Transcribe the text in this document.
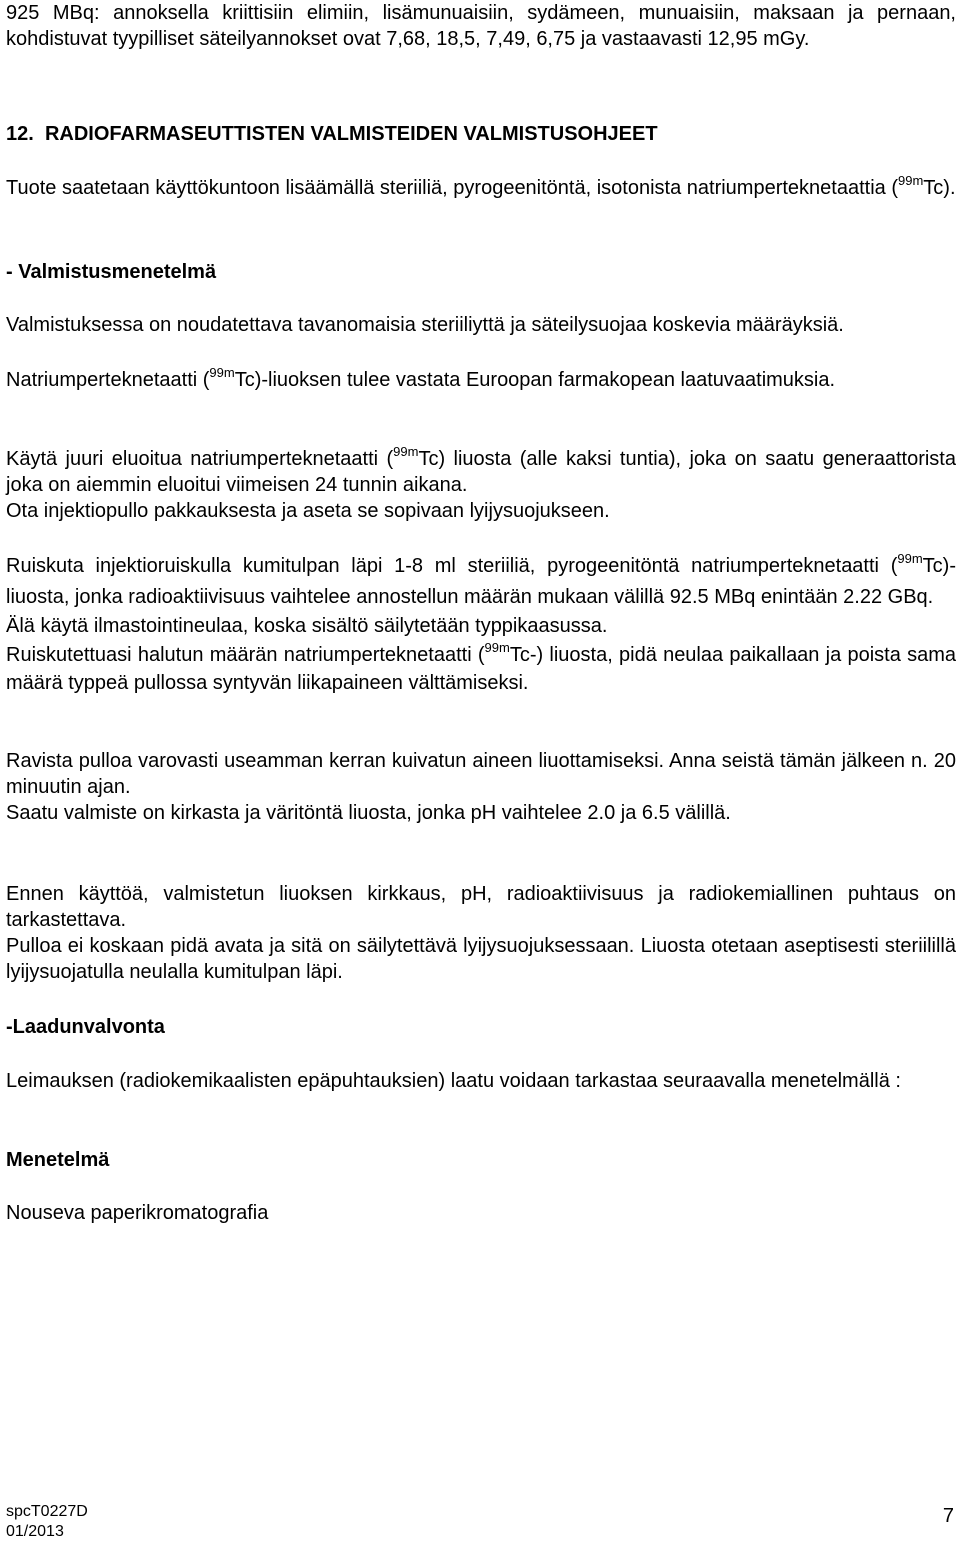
925 MBq: annoksella kriittisiin elimiin, lisämunuaisiin, sydämeen, munuaisiin, maksaan ja pernaan, kohdistuvat tyypilliset säteilyannokset ovat 7,68, 18,5, 7,49, 6,75 ja vastaavasti 12,95 mGy.

12. RADIOFARMASEUTTISTEN VALMISTEIDEN VALMISTUSOHJEET

Tuote saatetaan käyttökuntoon lisäämällä steriiliä, pyrogeenitöntä, isotonista natriumperteknetaattia ($^{99m}$Tc).

- Valmistusmenetelmä

Valmistuksessa on noudatettava tavanomaisia steriiliyttä ja säteilysuojaa koskevia määräyksiä.

Natriumperteknetaatti ($^{99m}$Tc)-liuoksen tulee vastata Euroopan farmakopean laatuvaatimuksia.

Käytä juuri eluoitua natriumperteknetaatti ($^{99m}$Tc) liuosta (alle kaksi tuntia), joka on saatu generaattorista joka on aiemmin eluoitui viimeisen 24 tunnin aikana.

Ota injektiopullo pakkauksesta ja aseta se sopivaan lyijysuojukseen.

Ruiskuta injektioruiskulla kumitulpan läpi 1-8 ml steriiliä, pyrogeenitöntä natriumperteknetaatti ($^{99m}$Tc)-liuosta, jonka radioaktiivisuus vaihtelee annostellun määrän mukaan välillä 92.5 MBq enintään 2.22 GBq.

Älä käytä ilmastointineulaa, koska sisältö säilytetään typpikaasussa.

Ruiskutettuasi halutun määrän natriumperteknetaatti ($^{99m}$Tc-) liuosta, pidä neulaa paikallaan ja poista sama määrä typpeä pullossa syntyvän liikapaineen välttämiseksi.

Ravista pulloa varovasti useamman kerran kuivatun aineen liuottamiseksi. Anna seistä tämän jälkeen n. 20 minuutin ajan.

Saatu valmiste on kirkasta ja väritöntä liuosta, jonka pH vaihtelee 2.0 ja 6.5 välillä.

Ennen käyttöä, valmistetun liuoksen kirkkaus, pH, radioaktiivisuus ja radiokemiallinen puhtaus on tarkastettava.

Pulloa ei koskaan pidä avata ja sitä on säilytettävä lyijysuojuksessaan. Liuosta otetaan aseptisesti steriilillä lyijysuojatulla neulalla kumitulpan läpi.

-Laadunvalvonta

Leimauksen (radiokemikaalisten epäpuhtauksien) laatu voidaan tarkastaa seuraavalla menetelmällä :

Menetelmä
Nouseva paperikromatografia
spcT0227D
01/2013
7
